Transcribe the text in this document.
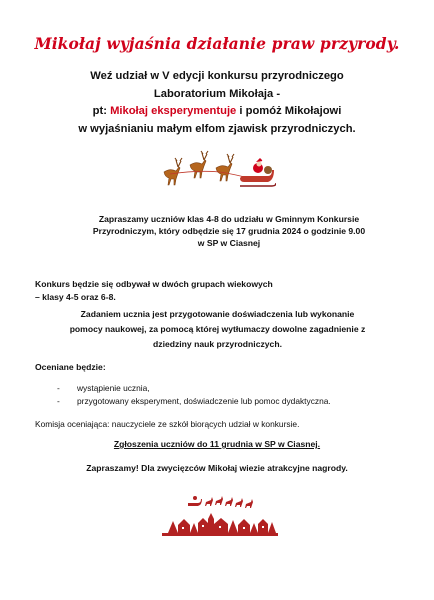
Mikołaj wyjaśnia działanie praw przyrody.
Weź udział w V edycji konkursu przyrodniczego
Laboratorium Mikołaja -
pt: Mikołaj eksperymentuje i pomóż Mikołajowi
w wyjaśnianiu małym elfom zjawisk przyrodniczych.
Zapraszamy uczniów klas 4-8 do udziału w Gminnym Konkursie
Przyrodniczym, który odbędzie się 17 grudnia 2024 o godzinie 9.00
w SP w Ciasnej
Konkurs będzie się odbywał w dwóch grupach wiekowych
– klasy 4-5 oraz 6-8.
Zadaniem ucznia jest przygotowanie doświadczenia lub wykonanie
pomocy naukowej, za pomocą której wytłumaczy dowolne zagadnienie z
dziedziny nauk przyrodniczych.
Oceniane będzie:
- wystąpienie ucznia,
- przygotowany eksperyment, doświadczenie lub pomoc dydaktyczna.
Komisja oceniająca: nauczyciele ze szkół biorących udział w konkursie.
Zgłoszenia uczniów do 11 grudnia w SP w Ciasnej.
Zapraszamy! Dla zwycięzców Mikołaj wiezie atrakcyjne nagrody.
